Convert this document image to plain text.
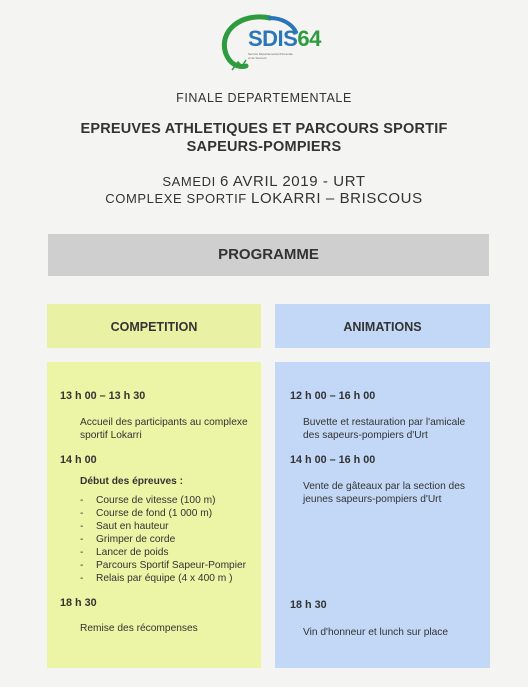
SDIS64
Service Départemental d'Incendie
et de Secours
FINALE DEPARTEMENTALE
EPREUVES ATHLETIQUES ET PARCOURS SPORTIF
SAPEURS-POMPIERS
SAMEDI 6 AVRIL 2019 - URT
COMPLEXE SPORTIF LOKARRI – BRISCOUS
PROGRAMME
COMPETITION	ANIMATIONS
13 h 00 – 13 h 30
Accueil des participants au complexe
sportif Lokarri
14 h 00
Début des épreuves :
- Course de vitesse (100 m)
- Course de fond (1 000 m)
- Saut en hauteur
- Grimper de corde
- Lancer de poids
- Parcours Sportif Sapeur-Pompier
- Relais par équipe (4 x 400 m )
18 h 30
Remise des récompenses
12 h 00 – 16 h 00
Buvette et restauration par l'amicale
des sapeurs-pompiers d'Urt
14 h 00 – 16 h 00
Vente de gâteaux par la section des
jeunes sapeurs-pompiers d'Urt
18 h 30
Vin d'honneur et lunch sur place
